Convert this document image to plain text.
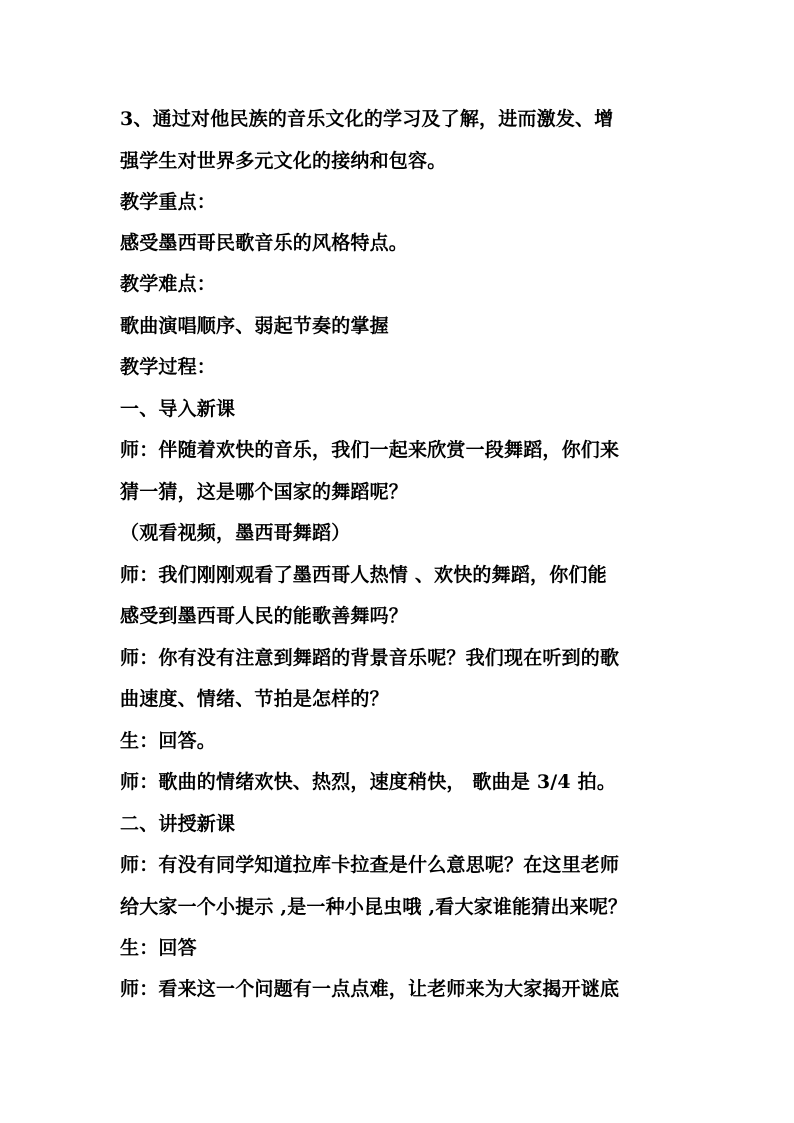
3、通过对他民族的音乐文化的学习及了解，进而激发、增

强学生对世界多元文化的接纳和包容。

教学重点：

感受墨西哥民歌音乐的风格特点。

教学难点：

歌曲演唱顺序、弱起节奏的掌握

教学过程：

一、导入新课

师：伴随着欢快的音乐，我们一起来欣赏一段舞蹈，你们来

猜一猜，这是哪个国家的舞蹈呢？

（观看视频，墨西哥舞蹈）

师：我们刚刚观看了墨西哥人热情 、欢快的舞蹈，你们能

感受到墨西哥人民的能歌善舞吗？

师：你有没有注意到舞蹈的背景音乐呢？我们现在听到的歌

曲速度、情绪、节拍是怎样的？

生：回答。

师：歌曲的情绪欢快、热烈，速度稍快， 歌曲是 3/4 拍。

二、讲授新课

师：有没有同学知道拉库卡拉查是什么意思呢？在这里老师

给大家一个小提示 ,是一种小昆虫哦 ,看大家谁能猜出来呢？

生：回答

师：看来这一个问题有一点点难，让老师来为大家揭开谜底
